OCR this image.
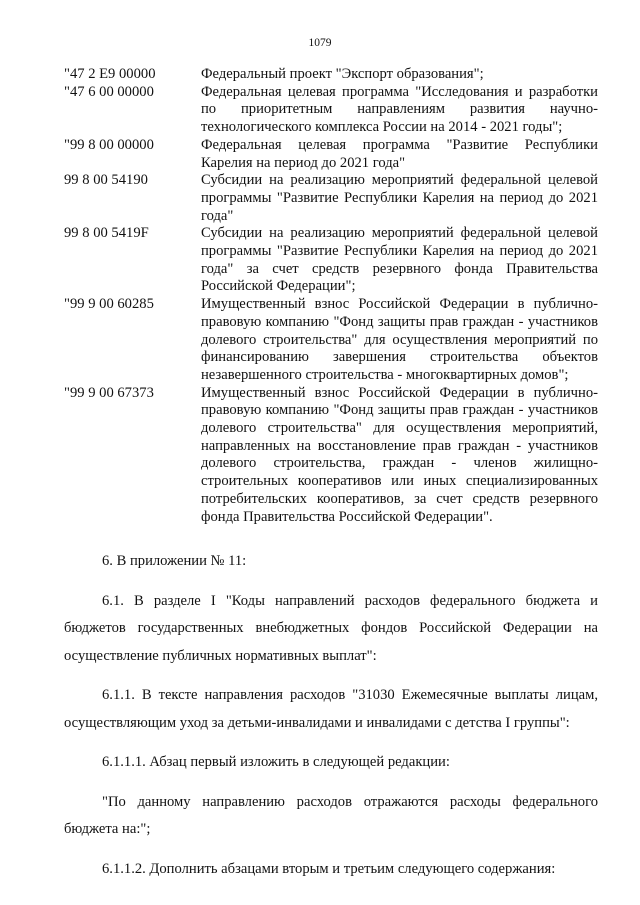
1079
"47 2 E9 00000	Федеральный проект "Экспорт образования";
"47 6 00 00000	Федеральная целевая программа "Исследования и разработки по приоритетным направлениям развития научно-технологического комплекса России на 2014 - 2021 годы";
"99 8 00 00000	Федеральная целевая программа "Развитие Республики Карелия на период до 2021 года"
99 8 00 54190	Субсидии на реализацию мероприятий федеральной целевой программы "Развитие Республики Карелия на период до 2021 года"
99 8 00 5419F	Субсидии на реализацию мероприятий федеральной целевой программы "Развитие Республики Карелия на период до 2021 года" за счет средств резервного фонда Правительства Российской Федерации";
"99 9 00 60285	Имущественный взнос Российской Федерации в публично-правовую компанию "Фонд защиты прав граждан - участников долевого строительства" для осуществления мероприятий по финансированию завершения строительства объектов незавершенного строительства - многоквартирных домов";
"99 9 00 67373	Имущественный взнос Российской Федерации в публично-правовую компанию "Фонд защиты прав граждан - участников долевого строительства" для осуществления мероприятий, направленных на восстановление прав граждан - участников долевого строительства, граждан - членов жилищно-строительных кооперативов или иных специализированных потребительских кооперативов, за счет средств резервного фонда Правительства Российской Федерации".

6. В приложении № 11:

6.1. В разделе I "Коды направлений расходов федерального бюджета и бюджетов государственных внебюджетных фондов Российской Федерации на осуществление публичных нормативных выплат":

6.1.1. В тексте направления расходов "31030 Ежемесячные выплаты лицам, осуществляющим уход за детьми-инвалидами и инвалидами с детства I группы":

6.1.1.1. Абзац первый изложить в следующей редакции:

"По данному направлению расходов отражаются расходы федерального бюджета на:";

6.1.1.2. Дополнить абзацами вторым и третьим следующего содержания:
